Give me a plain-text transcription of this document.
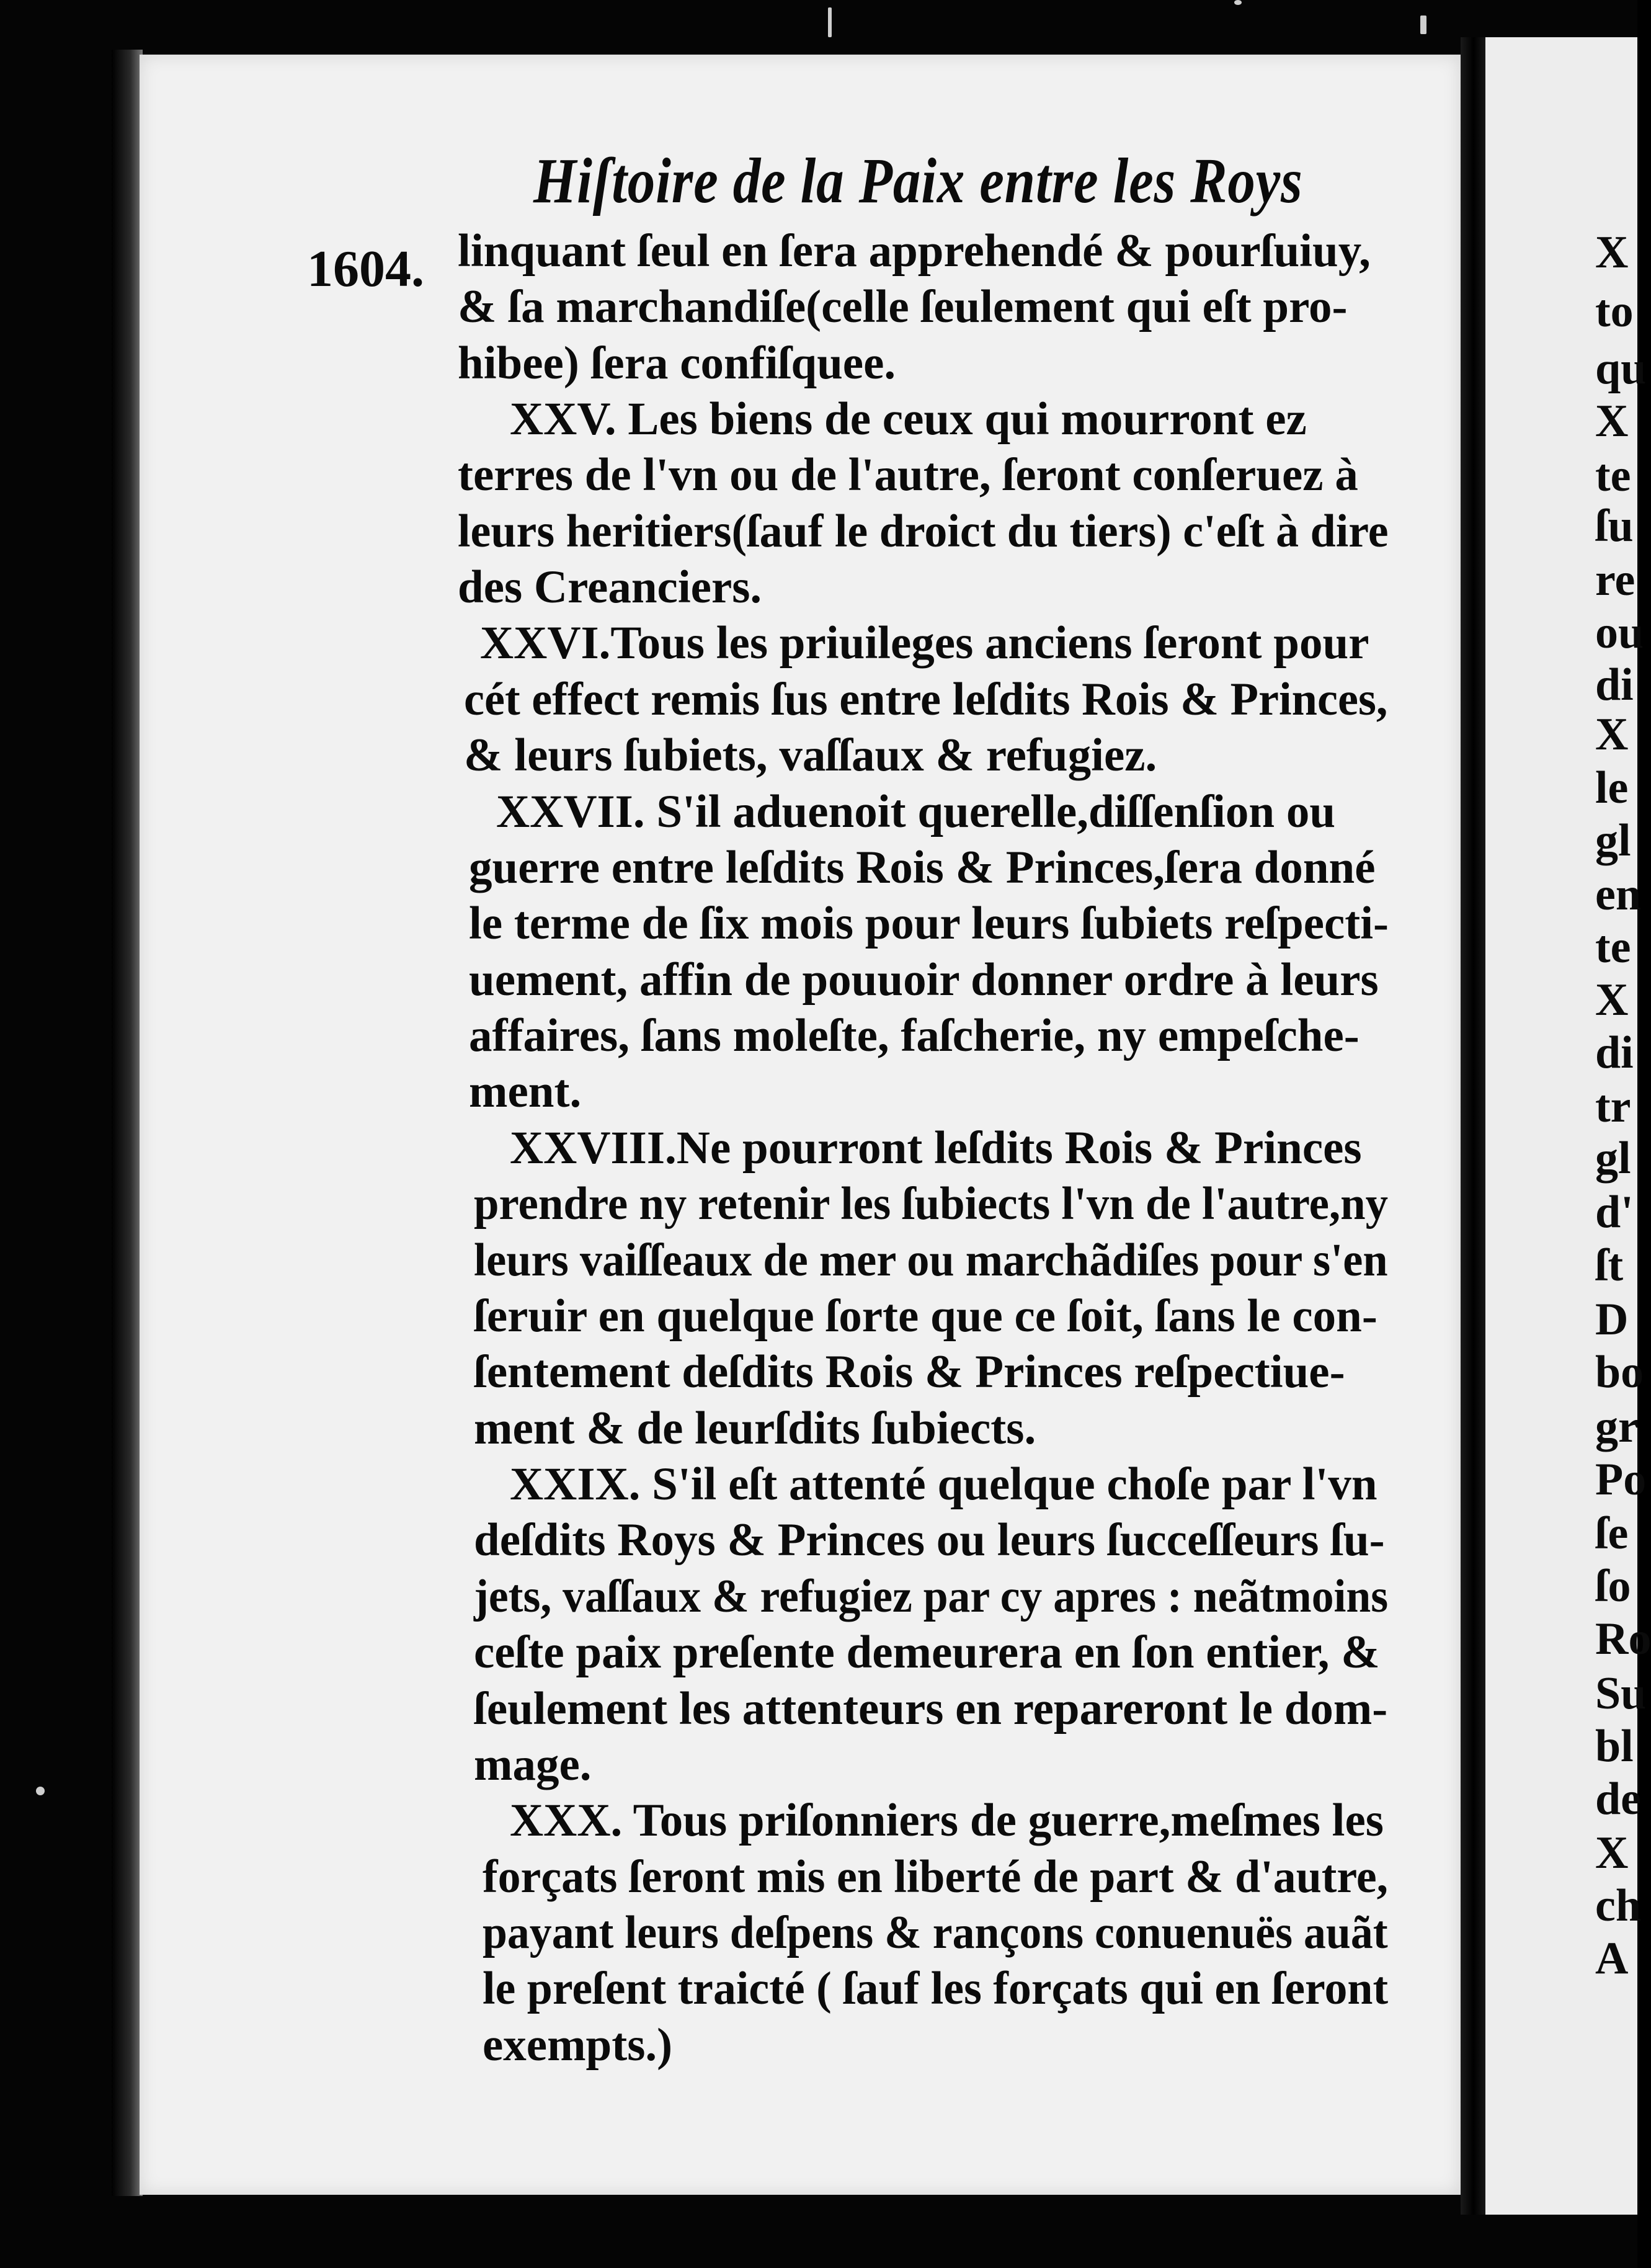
Hiſtoire de la Paix entre les Roys
1604. linquant ſeul en ſera apprehendé & pourſuiuy,
& ſa marchandiſe(celle ſeulement qui eſt pro-
hibee) ſera confiſquee.
XXV. Les biens de ceux qui mourront ez
terres de l'vn ou de l'autre, ſeront conſeruez à
leurs heritiers(ſauf le droict du tiers) c'eſt à dire
des Creanciers.
XXVI.Tous les priuileges anciens ſeront pour
cét effect remis ſus entre leſdits Rois & Princes,
& leurs ſubiets, vaſſaux & refugiez.
XXVII. S'il aduenoit querelle,diſſenſion ou
guerre entre leſdits Rois & Princes,ſera donné
le terme de ſix mois pour leurs ſubiets reſpecti-
uement, affin de pouuoir donner ordre à leurs
affaires, ſans moleſte, faſcherie, ny empeſche-
ment.
XXVIII.Ne pourront leſdits Rois & Princes
prendre ny retenir les ſubiects l'vn de l'autre,ny
leurs vaiſſeaux de mer ou marchãdiſes pour s'en
ſeruir en quelque ſorte que ce ſoit, ſans le con-
ſentement deſdits Rois & Princes reſpectiue-
ment & de leurſdits ſubiects.
XXIX. S'il eſt attenté quelque choſe par l'vn
deſdits Roys & Princes ou leurs ſucceſſeurs ſu-
jets, vaſſaux & refugiez par cy apres : neãtmoins
ceſte paix preſente demeurera en ſon entier, &
ſeulement les attenteurs en repareront le dom-
mage.
XXX. Tous priſonniers de guerre,meſmes les
forçats ſeront mis en liberté de part & d'autre,
payant leurs deſpens & rançons conuenuës auãt
le preſent traicté ( ſauf les forçats qui en ſeront
exempts.)
X
to
qu
X
te
ſu
re
ou
di
X
le
gl
en
te
X
di
tr
gl
d'
ſt
D
bo
gr
Po
ſe
ſo
Ro
Su
bl
de
X
ch
A
